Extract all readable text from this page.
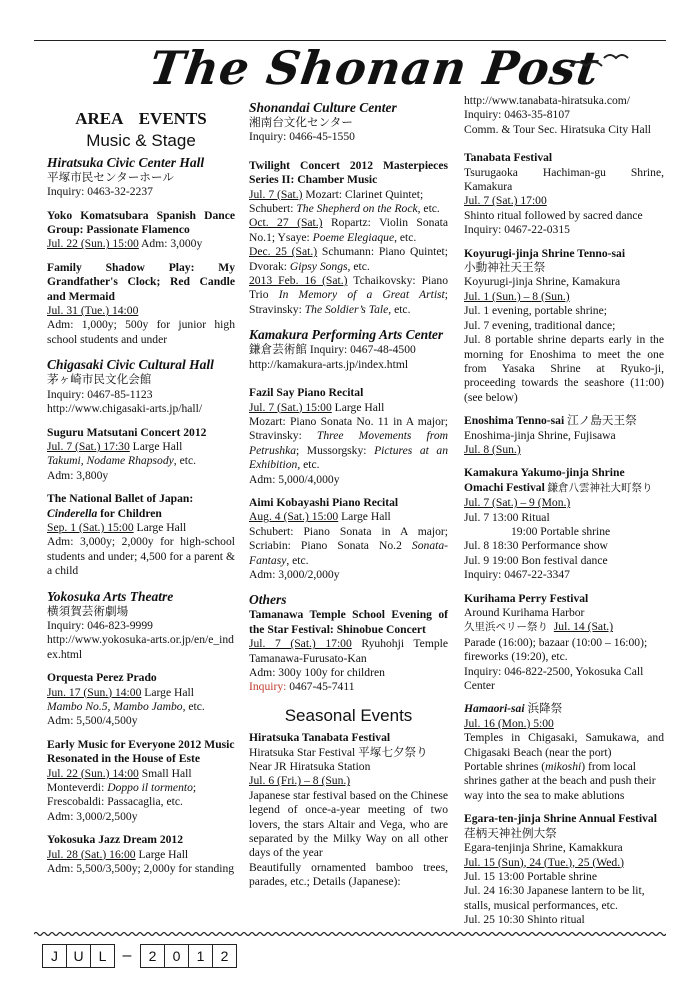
The Shonan Post
AREA EVENTS
Music & Stage
Hiratsuka Civic Center Hall
平塚市民センターホール
Inquiry: 0463-32-2237
Yoko Komatsubara Spanish Dance Group: Passionate Flamenco
Jul. 22 (Sun.) 15:00 Adm: 3,000y
Family Shadow Play: My Grandfather's Clock; Red Candle and Mermaid
Jul. 31 (Tue.) 14:00
Adm: 1,000y; 500y for junior high school students and under
Chigasaki Civic Cultural Hall
茅ヶ崎市民文化会館
Inquiry: 0467-85-1123
http://www.chigasaki-arts.jp/hall/
Suguru Matsutani Concert 2012
Jul. 7 (Sat.) 17:30 Large Hall
Takumi, Nodame Rhapsody, etc.
Adm: 3,800y
The National Ballet of Japan: Cinderella for Children
Sep. 1 (Sat.) 15:00 Large Hall
Adm: 3,000y; 2,000y for high-school students and under; 4,500 for a parent & a child
Yokosuka Arts Theatre
横須賀芸術劇場
Inquiry: 046-823-9999
http://www.yokosuka-arts.or.jp/en/e_index.html
Orquesta Perez Prado
Jun. 17 (Sun.) 14:00 Large Hall
Mambo No.5, Mambo Jambo, etc.
Adm: 5,500/4,500y
Early Music for Everyone 2012 Music Resonated in the House of Este
Jul. 22 (Sun.) 14:00 Small Hall
Monteverdi: Doppo il tormento;
Frescobaldi: Passacaglia, etc.
Adm: 3,000/2,500y
Yokosuka Jazz Dream 2012
Jul. 28 (Sat.) 16:00 Large Hall
Adm: 5,500/3,500y; 2,000y for standing
Shonandai Culture Center
湘南台文化センター
Inquiry: 0466-45-1550
Twilight Concert 2012 Masterpieces Series II: Chamber Music
Jul. 7 (Sat.) Mozart: Clarinet Quintet;
Schubert: The Shepherd on the Rock, etc.
Oct. 27 (Sat.) Ropartz: Violin Sonata No.1; Ysaye: Poeme Elegiaque, etc.
Dec. 25 (Sat.) Schumann: Piano Quintet; Dvorak: Gipsy Songs, etc.
2013 Feb. 16 (Sat.) Tchaikovsky: Piano Trio In Memory of a Great Artist; Stravinsky: The Soldier’s Tale, etc.
Kamakura Performing Arts Center
鎌倉芸術館 Inquiry: 0467-48-4500
http://kamakura-arts.jp/index.html
Fazil Say Piano Recital
Jul. 7 (Sat.) 15:00 Large Hall
Mozart: Piano Sonata No. 11 in A major; Stravinsky: Three Movements from Petrushka; Mussorgsky: Pictures at an Exhibition, etc.
Adm: 5,000/4,000y
Aimi Kobayashi Piano Recital
Aug. 4 (Sat.) 15:00 Large Hall
Schubert: Piano Sonata in A major; Scriabin: Piano Sonata No.2 Sonata-Fantasy, etc.
Adm: 3,000/2,000y
Others
Tamanawa Temple School Evening of the Star Festival: Shinobue Concert
Jul. 7 (Sat.) 17:00 Ryuhohji Temple Tamanawa-Furusato-Kan
Adm: 300y 100y for children
Inquiry: 0467-45-7411
Seasonal Events
Hiratsuka Tanabata Festival
Hiratsuka Star Festival 平塚七夕祭り
Near JR Hiratsuka Station
Jul. 6 (Fri.) – 8 (Sun.)
Japanese star festival based on the Chinese legend of once-a-year meeting of two lovers, the stars Altair and Vega, who are separated by the Milky Way on all other days of the year
Beautifully ornamented bamboo trees, parades, etc.; Details (Japanese):
http://www.tanabata-hiratsuka.com/
Inquiry: 0463-35-8107
Comm. & Tour Sec. Hiratsuka City Hall
Tanabata Festival
Tsurugaoka Hachiman-gu Shrine, Kamakura
Jul. 7 (Sat.) 17:00
Shinto ritual followed by sacred dance
Inquiry: 0467-22-0315
Koyurugi-jinja Shrine Tenno-sai
小動神社天王祭
Koyurugi-jinja Shrine, Kamakura
Jul. 1 (Sun.) – 8 (Sun.)
Jul. 1 evening, portable shrine;
Jul. 7 evening, traditional dance;
Jul. 8 portable shrine departs early in the morning for Enoshima to meet the one from Yasaka Shrine at Ryuko-ji, proceeding towards the seashore (11:00) (see below)
Enoshima Tenno-sai 江ノ島天王祭
Enoshima-jinja Shrine, Fujisawa
Jul. 8 (Sun.)
Kamakura Yakumo-jinja Shrine Omachi Festival 鎌倉八雲神社大町祭り
Jul. 7 (Sat.) – 9 (Mon.)
Jul. 7 13:00 Ritual
19:00 Portable shrine
Jul. 8 18:30 Performance show
Jul. 9 19:00 Bon festival dance
Inquiry: 0467-22-3347
Kurihama Perry Festival
Around Kurihama Harbor
久里浜ペリー祭り Jul. 14 (Sat.)
Parade (16:00); bazaar (10:00 – 16:00); fireworks (19:20), etc.
Inquiry: 046-822-2500, Yokosuka Call Center
Hamaori-sai 浜降祭
Jul. 16 (Mon.) 5:00
Temples in Chigasaki, Samukawa, and Chigasaki Beach (near the port)
Portable shrines (mikoshi) from local shrines gather at the beach and push their way into the sea to make ablutions
Egara-ten-jinja Shrine Annual Festival 荏柄天神社例大祭
Egara-tenjinja Shrine, Kamakkura
Jul. 15 (Sun), 24 (Tue.), 25 (Wed.)
Jul. 15 13:00 Portable shrine
Jul. 24 16:30 Japanese lantern to be lit, stalls, musical performances, etc.
Jul. 25 10:30 Shinto ritual
J	U	L	–	2	0	1	2
